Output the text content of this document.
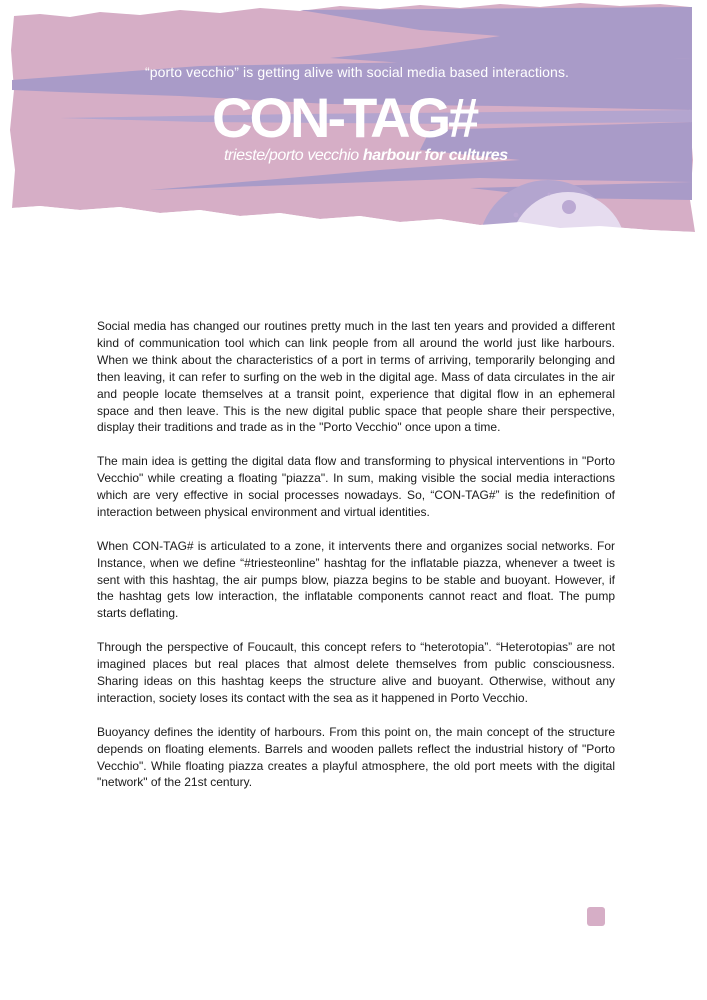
“porto vecchio” is getting alive with social media based interactions.
CON-TAG#
trieste/porto vecchio harbour for cultures

Social media has changed our routines pretty much in the last ten years and provided a different kind of communication tool which can link people from all around the world just like harbours. When we think about the characteristics of a port in terms of arriving, temporarily belonging and then leaving, it can refer to surfing on the web in the digital age. Mass of data circulates in the air and people locate themselves at a transit point, experience that digital flow in an ephemeral space and then leave. This is the new digital public space that people share their perspective, display their traditions and trade as in the "Porto Vecchio" once upon a time.

The main idea is getting the digital data flow and transforming to physical interventions in "Porto Vecchio" while creating a floating "piazza". In sum, making visible the social media interactions which are very effective in social processes nowadays. So, “CON-TAG#” is the redefinition of interaction between physical environment and virtual identities.

When CON-TAG# is articulated to a zone, it intervents there and organizes social networks. For Instance, when we define “#triesteonline” hashtag for the inflatable piazza, whenever a tweet is sent with this hashtag, the air pumps blow, piazza begins to be stable and buoyant. However, if the hashtag gets low interaction, the inflatable components cannot react and float. The pump starts deflating.

Through the perspective of Foucault, this concept refers to “heterotopia”. “Heterotopias” are not imagined places but real places that almost delete themselves from public consciousness. Sharing ideas on this hashtag keeps the structure alive and buoyant. Otherwise, without any interaction, society loses its contact with the sea as it happened in Porto Vecchio.

Buoyancy defines the identity of harbours. From this point on, the main concept of the structure depends on floating elements. Barrels and wooden pallets reflect the industrial history of "Porto Vecchio". While floating piazza creates a playful atmosphere, the old port meets with the digital "network" of the 21st century.
